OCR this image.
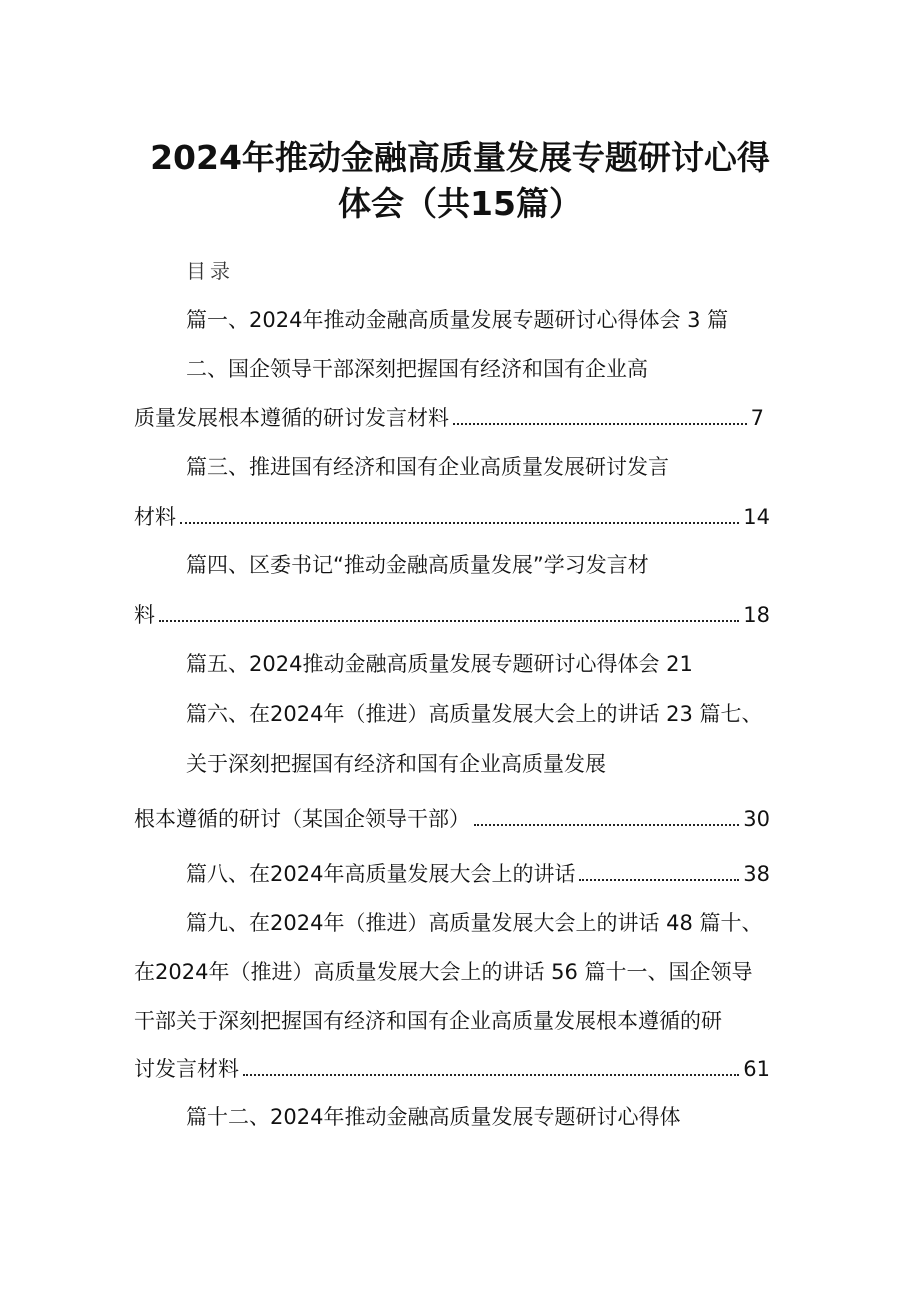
2024年推动金融高质量发展专题研讨心得
体会（共15篇）
目录
篇一、2024年推动金融高质量发展专题研讨心得体会 3 篇
二、国企领导干部深刻把握国有经济和国有企业高
质量发展根本遵循的研讨发言材料	7
篇三、推进国有经济和国有企业高质量发展研讨发言
材料	14
篇四、区委书记“推动金融高质量发展”学习发言材
料	18
篇五、2024推动金融高质量发展专题研讨心得体会 21
篇六、在2024年（推进）高质量发展大会上的讲话 23 篇七、
关于深刻把握国有经济和国有企业高质量发展
根本遵循的研讨（某国企领导干部）	30
篇八、在2024年高质量发展大会上的讲话	38
篇九、在2024年（推进）高质量发展大会上的讲话 48 篇十、
在2024年（推进）高质量发展大会上的讲话 56 篇十一、国企领导
干部关于深刻把握国有经济和国有企业高质量发展根本遵循的研
讨发言材料	61
篇十二、2024年推动金融高质量发展专题研讨心得体
